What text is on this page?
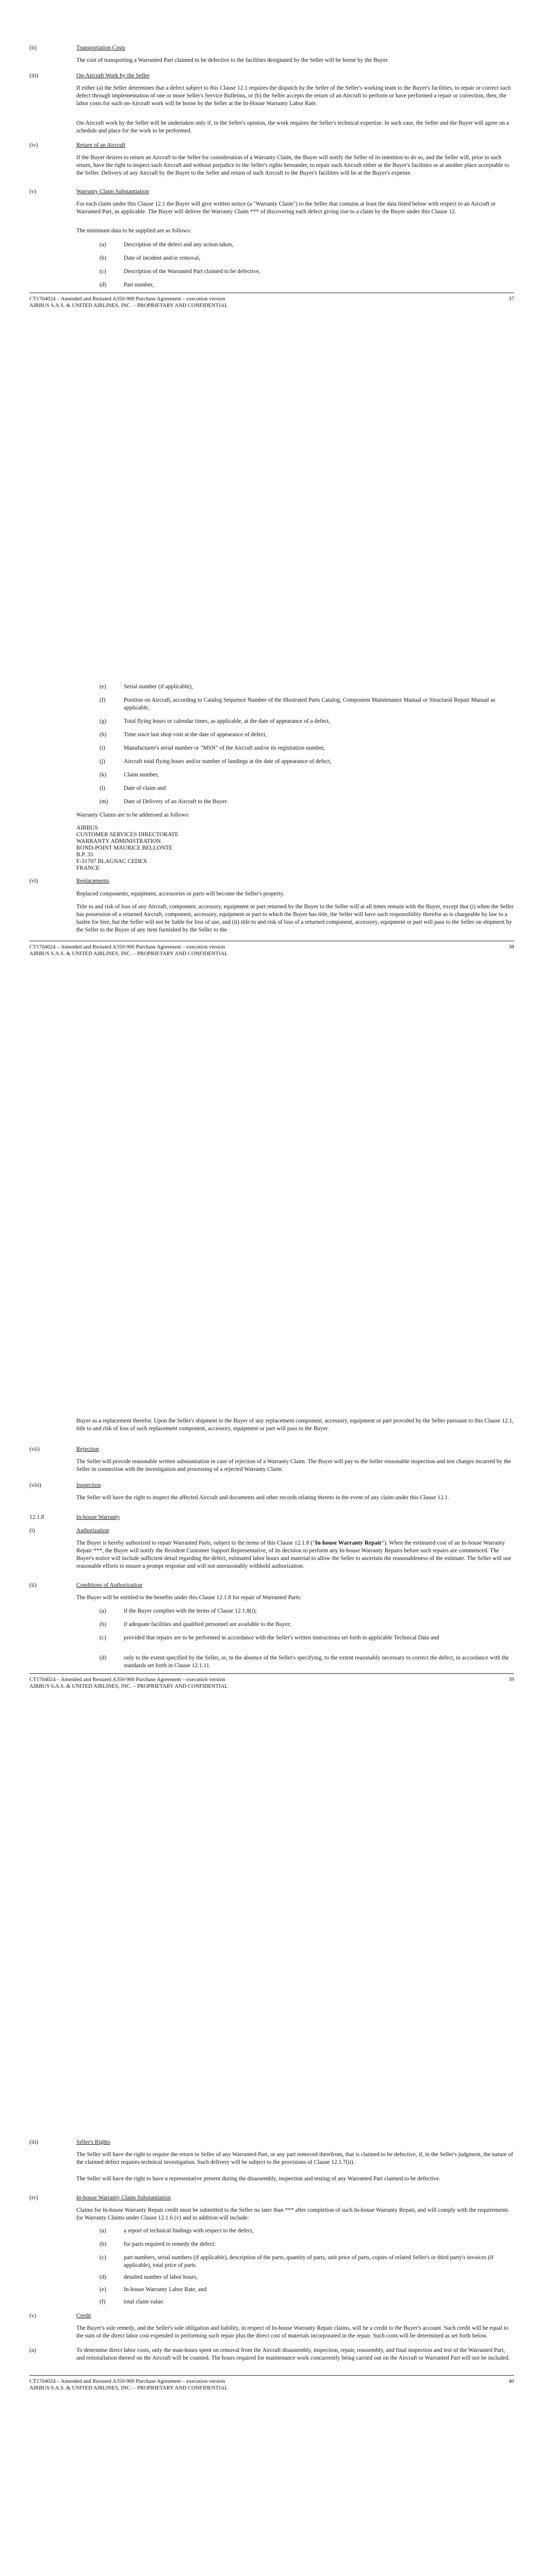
(ii)	Transportation Costs
The cost of transporting a Warranted Part claimed to be defective to the facilities designated by the Seller will be borne by the Buyer.
(iii)	On-Aircraft Work by the Seller
If either (a) the Seller determines that a defect subject to this Clause 12.1 requires the dispatch by the Seller of the Seller's working team to the Buyer's facilities, to repair or correct such defect through implementation of one or more Seller's Service Bulletins, or (b) the Seller accepts the return of an Aircraft to perform or have performed a repair or correction, then, the labor costs for such on-Aircraft work will be borne by the Seller at the In-House Warranty Labor Rate.
On-Aircraft work by the Seller will be undertaken only if, in the Seller's opinion, the work requires the Seller's technical expertise. In such case, the Seller and the Buyer will agree on a schedule and place for the work to be performed.
(iv)	Return of an Aircraft
If the Buyer desires to return an Aircraft to the Seller for consideration of a Warranty Claim, the Buyer will notify the Seller of its intention to do so, and the Seller will, prior to such return, have the right to inspect such Aircraft and without prejudice to the Seller's rights hereunder, to repair such Aircraft either at the Buyer's facilities or at another place acceptable to the Seller. Delivery of any Aircraft by the Buyer to the Seller and return of such Aircraft to the Buyer's facilities will be at the Buyer's expense.
(v)	Warranty Claim Substantiation
For each claim under this Clause 12.1 the Buyer will give written notice (a "Warranty Claim") to the Seller that contains at least the data listed below with respect to an Aircraft or Warranted Part, as applicable. The Buyer will deliver the Warranty Claim *** of discovering each defect giving rise to a claim by the Buyer under this Clause 12.
The minimum data to be supplied are as follows:
(a)	Description of the defect and any action taken,
(b)	Date of incident and/or removal,
(c)	Description of the Warranted Part claimed to be defective,
(d)	Part number,
CT1704024 – Amended and Restated A350-900 Purchase Agreement – execution version
AIRBUS S.A.S. & UNITED AIRLINES, INC. – PROPRIETARY AND CONFIDENTIAL
37
(e)	Serial number (if applicable),
(f)	Position on Aircraft, according to Catalog Sequence Number of the Illustrated Parts Catalog, Component Maintenance Manual or Structural Repair Manual as applicable,
(g)	Total flying hours or calendar times, as applicable, at the date of appearance of a defect,
(h)	Time since last shop visit at the date of appearance of defect,
(i)	Manufacturer's serial number or "MSN" of the Aircraft and/or its registration number,
(j)	Aircraft total flying hours and/or number of landings at the date of appearance of defect,
(k)	Claim number,
(l)	Date of claim and
(m)	Date of Delivery of an Aircraft to the Buyer.
Warranty Claims are to be addressed as follows:
AIRBUS
CUSTOMER SERVICES DIRECTORATE
WARRANTY ADMINISTRATION
ROND-POINT MAURICE BELLONTE
B.P. 33
F-31707 BLAGNAC CEDEX
FRANCE
(vi)	Replacements
Replaced components, equipment, accessories or parts will become the Seller's property.
Title to and risk of loss of any Aircraft, component, accessory, equipment or part returned by the Buyer to the Seller will at all times remain with the Buyer, except that (i) when the Seller has possession of a returned Aircraft, component, accessory, equipment or part to which the Buyer has title, the Seller will have such responsibility therefor as is chargeable by law to a bailee for hire, but the Seller will not be liable for loss of use, and (ii) title to and risk of loss of a returned component, accessory, equipment or part will pass to the Seller on shipment by the Seller to the Buyer of any item furnished by the Seller to the
CT1704024 – Amended and Restated A350-900 Purchase Agreement – execution version
AIRBUS S.A.S. & UNITED AIRLINES, INC. – PROPRIETARY AND CONFIDENTIAL
38
Buyer as a replacement therefor. Upon the Seller's shipment to the Buyer of any replacement component, accessory, equipment or part provided by the Seller pursuant to this Clause 12.1, title to and risk of loss of such replacement component, accessory, equipment or part will pass to the Buyer.
(vii)	Rejection
The Seller will provide reasonable written substantiation in case of rejection of a Warranty Claim. The Buyer will pay to the Seller reasonable inspection and test charges incurred by the Seller in connection with the investigation and processing of a rejected Warranty Claim.
(viii)	Inspection
The Seller will have the right to inspect the affected Aircraft and documents and other records relating thereto in the event of any claim under this Clause 12.1.
12.1.8	In-house Warranty
(i)	Authorization
The Buyer is hereby authorized to repair Warranted Parts, subject to the terms of this Clause 12.1.8 ("In-house Warranty Repair"). When the estimated cost of an In-house Warranty Repair ***, the Buyer will notify the Resident Customer Support Representative, of its decision to perform any In-house Warranty Repairs before such repairs are commenced. The Buyer's notice will include sufficient detail regarding the defect, estimated labor hours and material to allow the Seller to ascertain the reasonableness of the estimate. The Seller will use reasonable efforts to ensure a prompt response and will not unreasonably withhold authorization.
(ii)	Conditions of Authorization
The Buyer will be entitled to the benefits under this Clause 12.1.8 for repair of Warranted Parts:
(a)	if the Buyer complies with the terms of Clause 12.1.8(i);
(b)	if adequate facilities and qualified personnel are available to the Buyer;
(c)	provided that repairs are to be performed in accordance with the Seller's written instructions set forth in applicable Technical Data and
(d)	only to the extent specified by the Seller, or, in the absence of the Seller's specifying, to the extent reasonably necessary to correct the defect, in accordance with the standards set forth in Clause 12.1.11.
CT1704024 – Amended and Restated A350-900 Purchase Agreement – execution version
AIRBUS S.A.S. & UNITED AIRLINES, INC. – PROPRIETARY AND CONFIDENTIAL
39
(iii)	Seller's Rights
The Seller will have the right to require the return to Seller of any Warranted Part, or any part removed therefrom, that is claimed to be defective, if, in the Seller's judgment, the nature of the claimed defect requires technical investigation. Such delivery will be subject to the provisions of Clause 12.1.7(ii).
The Seller will have the right to have a representative present during the disassembly, inspection and testing of any Warranted Part claimed to be defective.
(iv)	In-house Warranty Claim Substantiation
Claims for In-house Warranty Repair credit must be submitted to the Seller no later than *** after completion of such In-house Warranty Repair, and will comply with the requirements for Warranty Claims under Clause 12.1.6 (v) and in addition will include:
(a)	a report of technical findings with respect to the defect,
(b)	for parts required to remedy the defect:
(c)	part numbers, serial numbers (if applicable), description of the parts, quantity of parts, unit price of parts, copies of related Seller's or third party's invoices (if applicable), total price of parts
(d)	detailed number of labor hours,
(e)	In-house Warranty Labor Rate, and
(f)	total claim value.
(v)	Credit
The Buyer's sole remedy, and the Seller's sole obligation and liability, in respect of In-house Warranty Repair claims, will be a credit to the Buyer's account. Such credit will be equal to the sum of the direct labor cost expended in performing such repair plus the direct cost of materials incorporated in the repair. Such costs will be determined as set forth below.
(a)	To determine direct labor costs, only the man-hours spent on removal from the Aircraft disassembly, inspection, repair, reassembly, and final inspection and test of the Warranted Part, and reinstallation thereof on the Aircraft will be counted. The hours required for maintenance work concurrently being carried out on the Aircraft or Warranted Part will not be included.
CT1704024 – Amended and Restated A350-900 Purchase Agreement – execution version
AIRBUS S.A.S. & UNITED AIRLINES, INC. – PROPRIETARY AND CONFIDENTIAL
40
